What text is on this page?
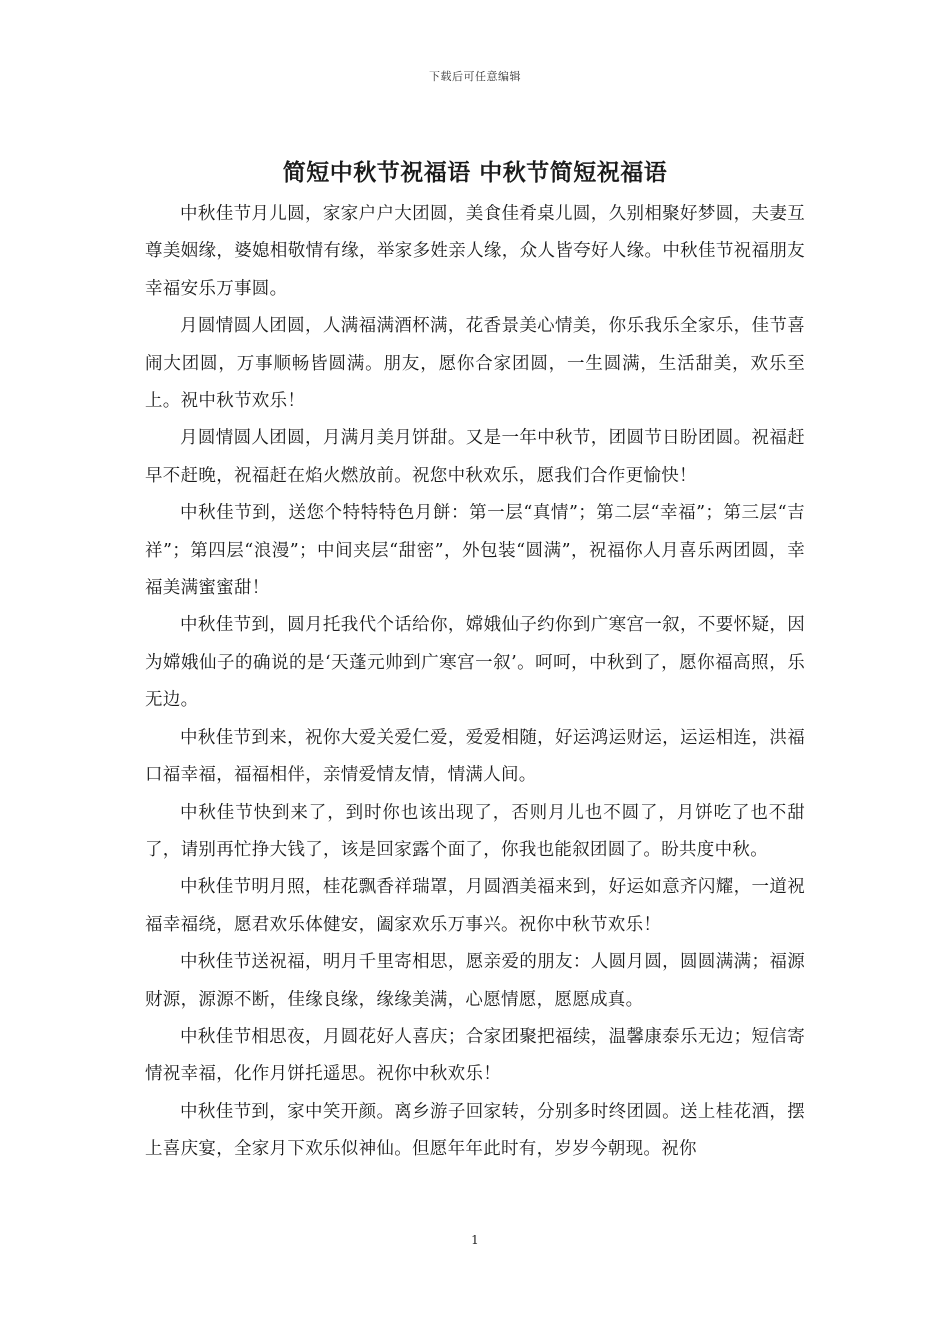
下载后可任意编辑
简短中秋节祝福语 中秋节简短祝福语

中秋佳节月儿圆，家家户户大团圆，美食佳肴桌儿圆，久别相聚好梦圆，夫妻互尊美姻缘，婆媳相敬情有缘，举家多姓亲人缘，众人皆夸好人缘。中秋佳节祝福朋友幸福安乐万事圆。

月圆情圆人团圆，人满福满酒杯满，花香景美心情美，你乐我乐全家乐，佳节喜闹大团圆，万事顺畅皆圆满。朋友，愿你合家团圆，一生圆满，生活甜美，欢乐至上。祝中秋节欢乐！

月圆情圆人团圆，月满月美月饼甜。又是一年中秋节，团圆节日盼团圆。祝福赶早不赶晚，祝福赶在焰火燃放前。祝您中秋欢乐，愿我们合作更愉快！

中秋佳节到，送您个特特特色月餅：第一层“真情”；第二层“幸福”；第三层“吉祥”；第四层“浪漫”；中间夹层“甜密”，外包装“圆满”，祝福你人月喜乐两团圆，幸福美满蜜蜜甜！

中秋佳节到，圆月托我代个话给你，嫦娥仙子约你到广寒宫一叙，不要怀疑，因为嫦娥仙子的确说的是‘天蓬元帅到广寒宫一叙’。呵呵，中秋到了，愿你福高照，乐无边。

中秋佳节到来，祝你大爱关爱仁爱，爱爱相随，好运鸿运财运，运运相连，洪福口福幸福，福福相伴，亲情爱情友情，情满人间。

中秋佳节快到来了，到时你也该出现了，否则月儿也不圆了，月饼吃了也不甜了，请别再忙挣大钱了，该是回家露个面了，你我也能叙团圆了。盼共度中秋。

中秋佳节明月照，桂花飘香祥瑞罩，月圆酒美福来到，好运如意齐闪耀，一道祝福幸福绕，愿君欢乐体健安，阖家欢乐万事兴。祝你中秋节欢乐！

中秋佳节送祝福，明月千里寄相思，愿亲爱的朋友：人圆月圆，圆圆满满；福源财源，源源不断，佳缘良缘，缘缘美满，心愿情愿，愿愿成真。

中秋佳节相思夜，月圆花好人喜庆；合家团聚把福续，温馨康泰乐无边；短信寄情祝幸福，化作月饼托遥思。祝你中秋欢乐！

中秋佳节到，家中笑开颜。离乡游子回家转，分别多时终团圆。送上桂花酒，摆上喜庆宴，全家月下欢乐似神仙。但愿年年此时有，岁岁今朝现。祝你

1
